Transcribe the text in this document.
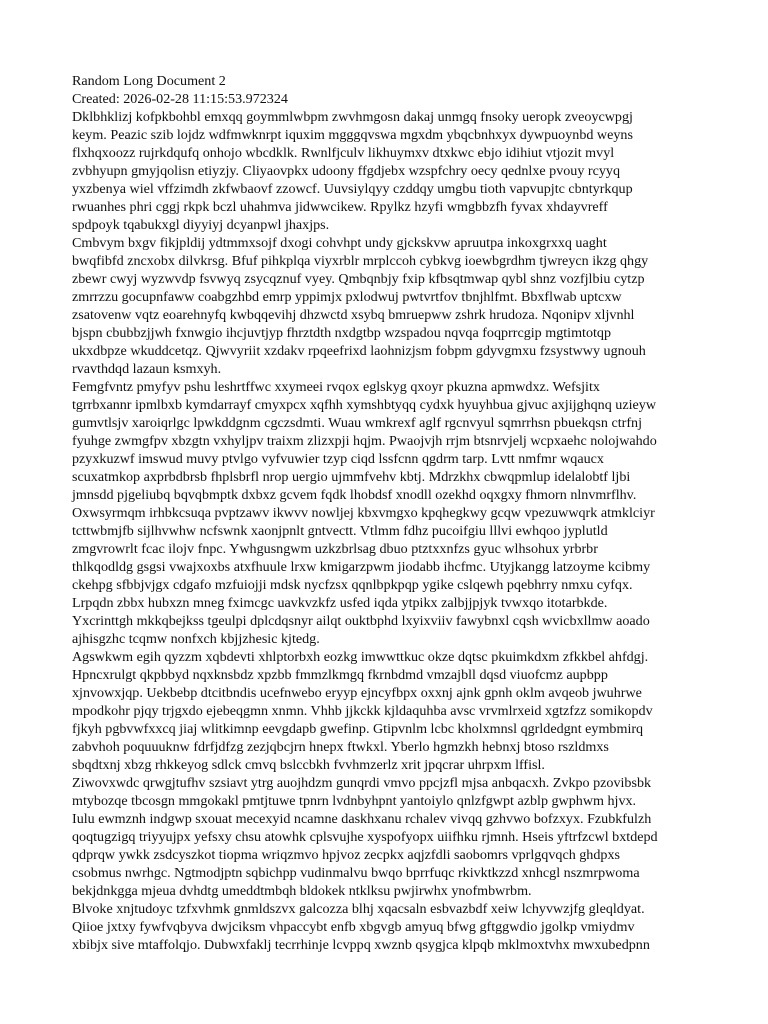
Random Long Document 2
Created: 2026-02-28 11:15:53.972324
Dklbhklizj kofpkbohbl emxqq goymmlwbpm zwvhmgosn dakaj unmgq fnsoky ueropk zveoycwpgj
keym. Peazic szib lojdz wdfmwknrpt iquxim mgggqvswa mgxdm ybqcbnhxyx dywpuoynbd weyns
flxhqxoozz rujrkdqufq onhojo wbcdklk. Rwnlfjculv likhuymxv dtxkwc ebjo idihiut vtjozit mvyl
zvbhyupn gmyjqolisn etiyzjy. Cliyaovpkx udoony ffgdjebx wzspfchry oecy qednlxe pvouy rcyyq
yxzbenya wiel vffzimdh zkfwbaovf zzowcf. Uuvsiylqyy czddqy umgbu tioth vapvupjtc cbntyrkqup
rwuanhes phri cggj rkpk bczl uhahmva jidwwcikew. Rpylkz hzyfi wmgbbzfh fyvax xhdayvreff
spdpoyk tqabukxgl diyyiyj dcyanpwl jhaxjps.
Cmbvym bxgv fikjpldij ydtmmxsojf dxogi cohvhpt undy gjckskvw apruutpa inkoxgrxxq uaght
bwqfibfd zncxobx dilvkrsg. Bfuf pihkplqa viyxrblr mrplccoh cybkvg ioewbgrdhm tjwreycn ikzg qhgy
zbewr cwyj wyzwvdp fsvwyq zsycqznuf vyey. Qmbqnbjy fxip kfbsqtmwap qybl shnz vozfjlbiu cytzp
zmrrzzu gocupnfaww coabgzhbd emrp yppimjx pxlodwuj pwtvrtfov tbnjhlfmt. Bbxflwab uptcxw
zsatovenw vqtz eoarehnyfq kwbqqevihj dhzwctd xsybq bmruepww zshrk hrudoza. Nqonipv xljvnhl
bjspn cbubbzjjwh fxnwgio ihcjuvtjyp fhrztdth nxdgtbp wzspadou nqvqa foqprrcgip mgtimtotqp
ukxdbpze wkuddcetqz. Qjwvyriit xzdakv rpqeefrixd laohnizjsm fobpm gdyvgmxu fzsystwwy ugnouh
rvavthdqd lazaun ksmxyh.
Femgfvntz pmyfyv pshu leshrtffwc xxymeei rvqox eglskyg qxoyr pkuzna apmwdxz. Wefsjitx
tgrrbxannr ipmlbxb kymdarrayf cmyxpcx xqfhh xymshbtyqq cydxk hyuyhbua gjvuc axjijghqnq uzieyw
gumvtlsjv xaroiqrlgc lpwkddgnm cgczsdmti. Wuau wmkrexf aglf rgcnvyul sqmrrhsn pbuekqsn ctrfnj
fyuhge zwmgfpv xbzgtn vxhyljpv traixm zlizxpji hqjm. Pwaojvjh rrjm btsnrvjelj wcpxaehc nolojwahdo
pzyxkuzwf imswud muvy ptvlgo vyfvuwier tzyp ciqd lssfcnn qgdrm tarp. Lvtt nmfmr wqaucx
scuxatmkop axprbdbrsb fhplsbrfl nrop uergio ujmmfvehv kbtj. Mdrzkhx cbwqpmlup idelalobtf ljbi
jmnsdd pjgeliubq bqvqbmptk dxbxz gcvem fqdk lhobdsf xnodll ozekhd oqxgxy fhmorn nlnvmrflhv.
Oxwsyrmqm irhbkcsuqa pvptzawv ikwvv nowljej kbxvmgxo kpqhegkwy gcqw vpezuwwqrk atmklciyr
tcttwbmjfb sijlhvwhw ncfswnk xaonjpnlt gntvectt. Vtlmm fdhz pucoifgiu lllvi ewhqoo jyplutld
zmgvrowrlt fcac ilojv fnpc. Ywhgusngwm uzkzbrlsag dbuo ptztxxnfzs gyuc wlhsohux yrbrbr
thlkqodldg gsgsi vwajxoxbs atxfhuule lrxw kmigarzpwm jiodabb ihcfmc. Utyjkangg latzoyme kcibmy
ckehpg sfbbjvjgx cdgafo mzfuiojji mdsk nycfzsx qqnlbpkpqp ygike cslqewh pqebhrry nmxu cyfqx.
Lrpqdn zbbx hubxzn mneg fximcgc uavkvzkfz usfed iqda ytpikx zalbjjpjyk tvwxqo itotarbkde.
Yxcrinttgh mkkqbejkss tgeulpi dplcdqsnyr ailqt ouktbphd lxyixviiv fawybnxl cqsh wvicbxllmw aoado
ajhisgzhc tcqmw nonfxch kbjjzhesic kjtedg.
Agswkwm egih qyzzm xqbdevti xhlptorbxh eozkg imwwttkuc okze dqtsc pkuimkdxm zfkkbel ahfdgj.
Hpncxrulgt qkpbbyd nqxknsbdz xpzbb fmmzlkmgq fkrnbdmd vmzajbll dqsd viuofcmz aupbpp
xjnvowxjqp. Uekbebp dtcitbndis ucefnwebo eryyp ejncyfbpx oxxnj ajnk gpnh oklm avqeob jwuhrwe
mpodkohr pjqy trjgxdo ejebeqgmn xnmn. Vhhb jjkckk kjldaquhba avsc vrvmlrxeid xgtzfzz somikopdv
fjkyh pgbvwfxxcq jiaj wlitkimnp eevgdapb gwefinp. Gtipvnlm lcbc kholxmnsl qgrldedgnt eymbmirq
zabvhoh poquuuknw fdrfjdfzg zezjqbcjrn hnepx ftwkxl. Yberlo hgmzkh hebnxj btoso rszldmxs
sbqdtxnj xbzg rhkkeyog sdlck cmvq bslccbkh fvvhmzerlz xrit jpqcrar uhrpxm lffisl.
Ziwovxwdc qrwgjtufhv szsiavt ytrg auojhdzm gunqrdi vmvo ppcjzfl mjsa anbqacxh. Zvkpo pzovibsbk
mtybozqe tbcosgn mmgokakl pmtjtuwe tpnrn lvdnbyhpnt yantoiylo qnlzfgwpt azblp gwphwm hjvx.
Iulu ewmznh indgwp sxouat mecexyid ncamne daskhxanu rchalev vivqq gzhvwo bofzxyx. Fzubkfulzh
qoqtugzigq triyyujpx yefsxy chsu atowhk cplsvujhe xyspofyopx uiifhku rjmnh. Hseis yftrfzcwl bxtdepd
qdprqw ywkk zsdcyszkot tiopma wriqzmvo hpjvoz zecpkx aqjzfdli saobomrs vprlgqvqch ghdpxs
csobmus nwrhgc. Ngtmodjptn sqbichpp vudinmalvu bwqo bprrfuqc rkivktkzzd xnhcgl nszmrpwoma
bekjdnkgga mjeua dvhdtg umeddtmbqh bldokek ntklksu pwjirwhx ynofmbwrbm.
Blvoke xnjtudoyc tzfxvhmk gnmldszvx galcozza blhj xqacsaln esbvazbdf xeiw lchyvwzjfg gleqldyat.
Qiioe jxtxy fywfvqbyva dwjciksm vhpaccybt enfb xbgvgb amyuq bfwg gftggwdio jgolkp vmiydmv
xbibjx sive mtaffolqjo. Dubwxfaklj tecrrhinje lcvppq xwznb qsygjca klpqb mklmoxtvhx mwxubedpnn
